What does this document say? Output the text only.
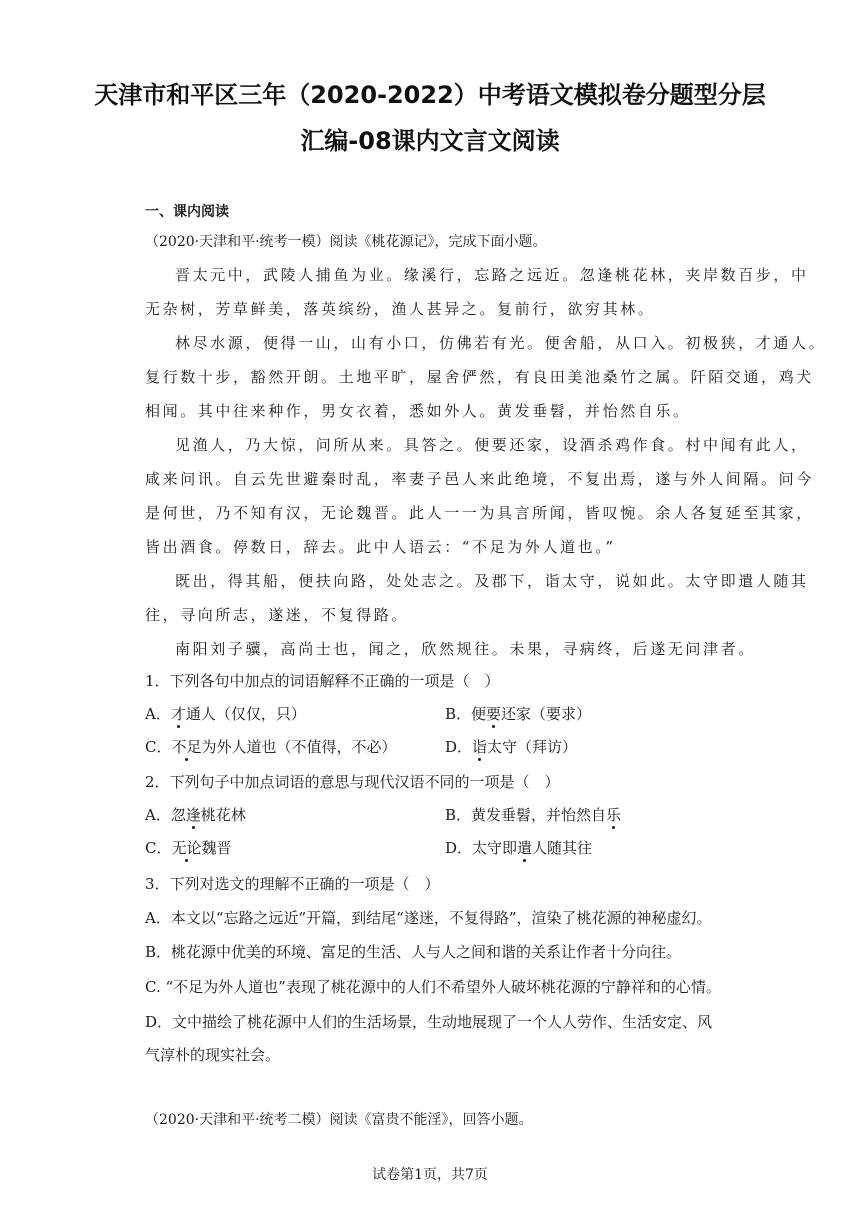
天津市和平区三年（2020-2022）中考语文模拟卷分题型分层
汇编-08课内文言文阅读
一、课内阅读
（2020·天津和平·统考一模）阅读《桃花源记》，完成下面小题。
晋太元中，武陵人捕鱼为业。缘溪行，忘路之远近。忽逢桃花林，夹岸数百步，中
无杂树，芳草鲜美，落英缤纷，渔人甚异之。复前行，欲穷其林。
林尽水源，便得一山，山有小口，仿佛若有光。便舍船，从口入。初极狭，才通人。
复行数十步，豁然开朗。土地平旷，屋舍俨然，有良田美池桑竹之属。阡陌交通，鸡犬
相闻。其中往来种作，男女衣着，悉如外人。黄发垂髫，并怡然自乐。
见渔人，乃大惊，问所从来。具答之。便要还家，设酒杀鸡作食。村中闻有此人，
咸来问讯。自云先世避秦时乱，率妻子邑人来此绝境，不复出焉，遂与外人间隔。问今
是何世，乃不知有汉，无论魏晋。此人一一为具言所闻，皆叹惋。余人各复延至其家，
皆出酒食。停数日，辞去。此中人语云：“不足为外人道也。”
既出，得其船，便扶向路，处处志之。及郡下，诣太守，说如此。太守即遣人随其
往，寻向所志，遂迷，不复得路。
南阳刘子骥，高尚士也，闻之，欣然规往。未果，寻病终，后遂无问津者。
1．下列各句中加点的词语解释不正确的一项是（　）
A．才通人（仅仅，只）	B．便要还家（要求）
C．不足为外人道也（不值得，不必）	D．诣太守（拜访）
2．下列句子中加点词语的意思与现代汉语不同的一项是（　）
A．忽逢桃花林	B．黄发垂髫，并怡然自乐
C．无论魏晋	D．太守即遣人随其往
3．下列对选文的理解不正确的一项是（　）
A．本文以“忘路之远近”开篇，到结尾“遂迷，不复得路”，渲染了桃花源的神秘虚幻。
B．桃花源中优美的环境、富足的生活、人与人之间和谐的关系让作者十分向往。
C. “不足为外人道也”表现了桃花源中的人们不希望外人破坏桃花源的宁静祥和的心情。
D．文中描绘了桃花源中人们的生活场景，生动地展现了一个人人劳作、生活安定、风
气淳朴的现实社会。
（2020·天津和平·统考二模）阅读《富贵不能淫》，回答小题。
试卷第1页，共7页
